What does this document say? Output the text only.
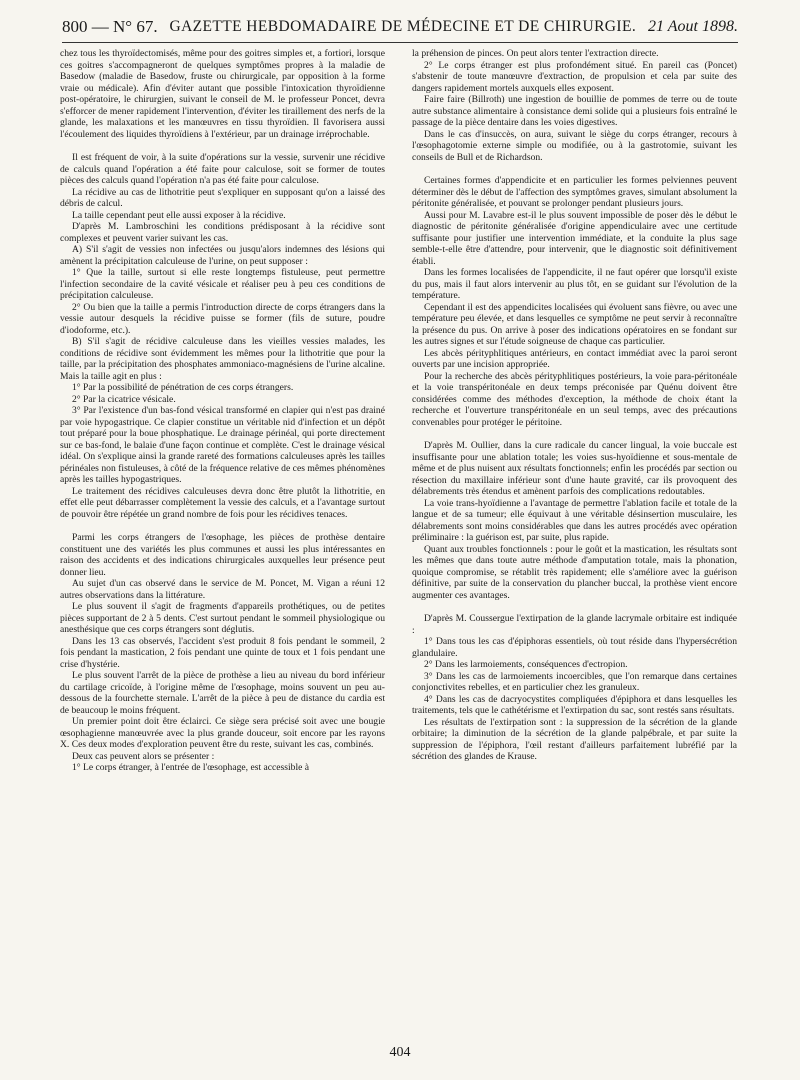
800 — N° 67. GAZETTE HEBDOMADAIRE DE MÉDECINE ET DE CHIRURGIE. 21 Aout 1898.

chez tous les thyroïdectomisés, même pour des goitres simples et, a fortiori, lorsque ces goitres s'accompagneront de quelques symptômes propres à la maladie de Basedow (maladie de Basedow, fruste ou chirurgicale, par opposition à la forme vraie ou médicale). Afin d'éviter autant que possible l'intoxication thyroïdienne post-opératoire, le chirurgien, suivant le conseil de M. le professeur Poncet, devra s'efforcer de mener rapidement l'intervention, d'éviter les tiraillement des nerfs de la glande, les malaxations et les manœuvres en tissu thyroïdien. Il favorisera aussi l'écoulement des liquides thyroïdiens à l'extérieur, par un drainage irréprochable.

Il est fréquent de voir, à la suite d'opérations sur la vessie, survenir une récidive de calculs quand l'opération a été faite pour calculose, soit se former de toutes pièces des calculs quand l'opération n'a pas été faite pour calculose.

La récidive au cas de lithotritie peut s'expliquer en supposant qu'on a laissé des débris de calcul.

La taille cependant peut elle aussi exposer à la récidive.

D'après M. Lambroschini les conditions prédisposant à la récidive sont complexes et peuvent varier suivant les cas.

A) S'il s'agit de vessies non infectées ou jusqu'alors indemnes des lésions qui amènent la précipitation calculeuse de l'urine, on peut supposer :

1° Que la taille, surtout si elle reste longtemps fistuleuse, peut permettre l'infection secondaire de la cavité vésicale et réaliser peu à peu ces conditions de précipitation calculeuse.

2° Ou bien que la taille a permis l'introduction directe de corps étrangers dans la vessie autour desquels la récidive puisse se former (fils de suture, poudre d'iodoforme, etc.).

B) S'il s'agit de récidive calculeuse dans les vieilles vessies malades, les conditions de récidive sont évidemment les mêmes pour la lithotritie que pour la taille, par la précipitation des phosphates ammoniaco-magnésiens de l'urine alcaline. Mais la taille agit en plus :

1° Par la possibilité de pénétration de ces corps étrangers.

2° Par la cicatrice vésicale.

3° Par l'existence d'un bas-fond vésical transformé en clapier qui n'est pas drainé par voie hypogastrique. Ce clapier constitue un véritable nid d'infection et un dépôt tout préparé pour la boue phosphatique. Le drainage périnéal, qui porte directement sur ce bas-fond, le balaie d'une façon continue et complète. C'est le drainage vésical idéal. On s'explique ainsi la grande rareté des formations calculeuses après les tailles périnéales non fistuleuses, à côté de la fréquence relative de ces mêmes phénomènes après les tailles hypogastriques.

Le traitement des récidives calculeuses devra donc être plutôt la lithotritie, en effet elle peut débarrasser complètement la vessie des calculs, et a l'avantage surtout de pouvoir être répétée un grand nombre de fois pour les récidives tenaces.

Parmi les corps étrangers de l'œsophage, les pièces de prothèse dentaire constituent une des variétés les plus communes et aussi les plus intéressantes en raison des accidents et des indications chirurgicales auxquelles leur présence peut donner lieu.

Au sujet d'un cas observé dans le service de M. Poncet, M. Vigan a réuni 12 autres observations dans la littérature.

Le plus souvent il s'agit de fragments d'appareils prothétiques, ou de petites pièces supportant de 2 à 5 dents. C'est surtout pendant le sommeil physiologique ou anesthésique que ces corps étrangers sont déglutis.

Dans les 13 cas observés, l'accident s'est produit 8 fois pendant le sommeil, 2 fois pendant la mastication, 2 fois pendant une quinte de toux et 1 fois pendant une crise d'hystérie.

Le plus souvent l'arrêt de la pièce de prothèse a lieu au niveau du bord inférieur du cartilage cricoïde, à l'origine même de l'œsophage, moins souvent un peu au-dessous de la fourchette sternale. L'arrêt de la pièce à peu de distance du cardia est de beaucoup le moins fréquent.

Un premier point doit être éclairci. Ce siège sera précisé soit avec une bougie œsophagienne manœuvrée avec la plus grande douceur, soit encore par les rayons X. Ces deux modes d'exploration peuvent être du reste, suivant les cas, combinés.

Deux cas peuvent alors se présenter :

1° Le corps étranger, à l'entrée de l'œsophage, est accessible à

la préhension de pinces. On peut alors tenter l'extraction directe.

2° Le corps étranger est plus profondément situé. En pareil cas (Poncet) s'abstenir de toute manœuvre d'extraction, de propulsion et cela par suite des dangers rapidement mortels auxquels elles exposent.

Faire faire (Billroth) une ingestion de bouillie de pommes de terre ou de toute autre substance alimentaire à consistance demi solide qui a plusieurs fois entraîné le passage de la pièce dentaire dans les voies digestives.

Dans le cas d'insuccès, on aura, suivant le siège du corps étranger, recours à l'œsophagotomie externe simple ou modifiée, ou à la gastrotomie, suivant les conseils de Bull et de Richardson.

Certaines formes d'appendicite et en particulier les formes pelviennes peuvent déterminer dès le début de l'affection des symptômes graves, simulant absolument la péritonite généralisée, et pouvant se prolonger pendant plusieurs jours.

Aussi pour M. Lavabre est-il le plus souvent impossible de poser dès le début le diagnostic de péritonite généralisée d'origine appendiculaire avec une certitude suffisante pour justifier une intervention immédiate, et la conduite la plus sage semble-t-elle être d'attendre, pour intervenir, que le diagnostic soit définitivement établi.

Dans les formes localisées de l'appendicite, il ne faut opérer que lorsqu'il existe du pus, mais il faut alors intervenir au plus tôt, en se guidant sur l'évolution de la température.

Cependant il est des appendicites localisées qui évoluent sans fièvre, ou avec une température peu élevée, et dans lesquelles ce symptôme ne peut servir à reconnaître la présence du pus. On arrive à poser des indications opératoires en se fondant sur les autres signes et sur l'étude soigneuse de chaque cas particulier.

Les abcès pérityphlitiques antérieurs, en contact immédiat avec la paroi seront ouverts par une incision appropriée.

Pour la recherche des abcès pérityphlitiques postérieurs, la voie para-péritonéale et la voie transpéritonéale en deux temps préconisée par Quénu doivent être considérées comme des méthodes d'exception, la méthode de choix étant la recherche et l'ouverture transpéritonéale en un seul temps, avec des précautions convenables pour protéger le péritoine.

D'après M. Oullier, dans la cure radicale du cancer lingual, la voie buccale est insuffisante pour une ablation totale; les voies sus-hyoïdienne et sous-mentale de même et de plus nuisent aux résultats fonctionnels; enfin les procédés par section ou résection du maxillaire inférieur sont d'une haute gravité, car ils provoquent des délabrements très étendus et amènent parfois des complications redoutables.

La voie trans-hyoïdienne a l'avantage de permettre l'ablation facile et totale de la langue et de sa tumeur; elle équivaut à une véritable désinsertion musculaire, les délabrements sont moins considérables que dans les autres procédés avec opération préliminaire : la guérison est, par suite, plus rapide.

Quant aux troubles fonctionnels : pour le goût et la mastication, les résultats sont les mêmes que dans toute autre méthode d'amputation totale, mais la phonation, quoique compromise, se rétablit très rapidement; elle s'améliore avec la guérison définitive, par suite de la conservation du plancher buccal, la prothèse vient encore augmenter ces avantages.

D'après M. Coussergue l'extirpation de la glande lacrymale orbitaire est indiquée :

1° Dans tous les cas d'épiphoras essentiels, où tout réside dans l'hypersécrétion glandulaire.

2° Dans les larmoiements, conséquences d'ectropion.

3° Dans les cas de larmoiements incoercibles, que l'on remarque dans certaines conjonctivites rebelles, et en particulier chez les granuleux.

4° Dans les cas de dacryocystites compliquées d'épiphora et dans lesquelles les traitements, tels que le cathétérisme et l'extirpation du sac, sont restés sans résultats.

Les résultats de l'extirpation sont : la suppression de la sécrétion de la glande orbitaire; la diminution de la sécrétion de la glande palpébrale, et par suite la suppression de l'épiphora, l'œil restant d'ailleurs parfaitement lubréfié par la sécrétion des glandes de Krause.

404
